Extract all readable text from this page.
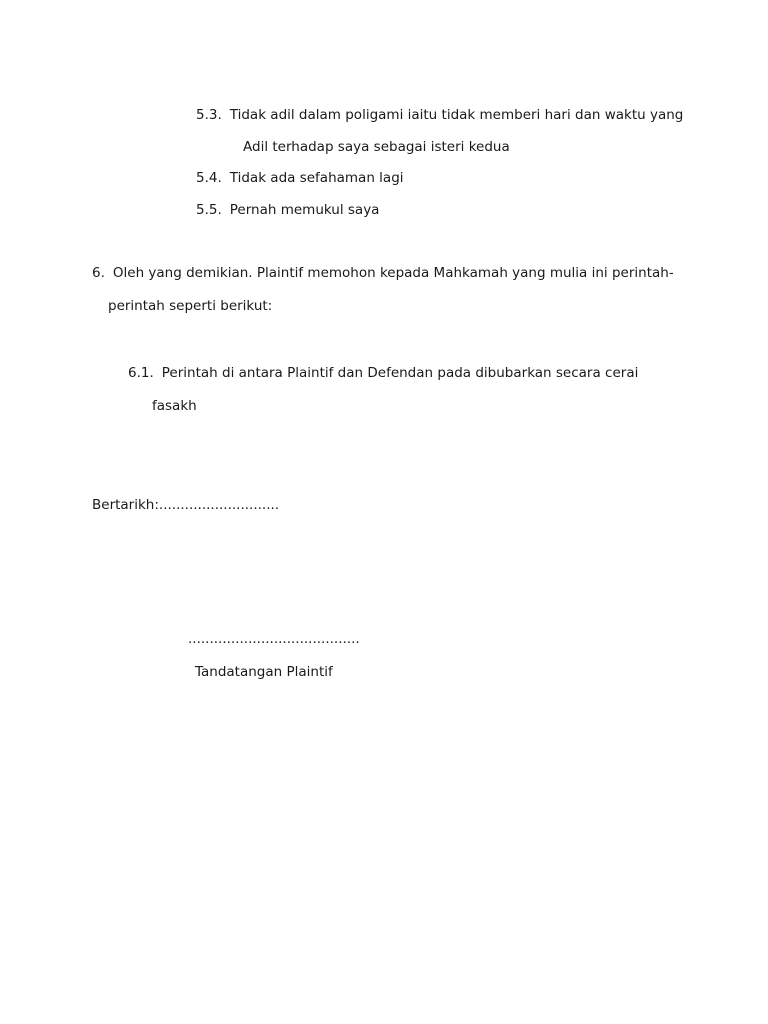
5.3. Tidak adil dalam poligami iaitu tidak memberi hari dan waktu yang
Adil terhadap saya sebagai isteri kedua
5.4. Tidak ada sefahaman lagi
5.5. Pernah memukul saya
6. Oleh yang demikian. Plaintif memohon kepada Mahkamah yang mulia ini perintah-
perintah seperti berikut:
6.1. Perintah di antara Plaintif dan Defendan pada dibubarkan secara cerai
fasakh
Bertarikh:............................
........................................
Tandatangan Plaintif
